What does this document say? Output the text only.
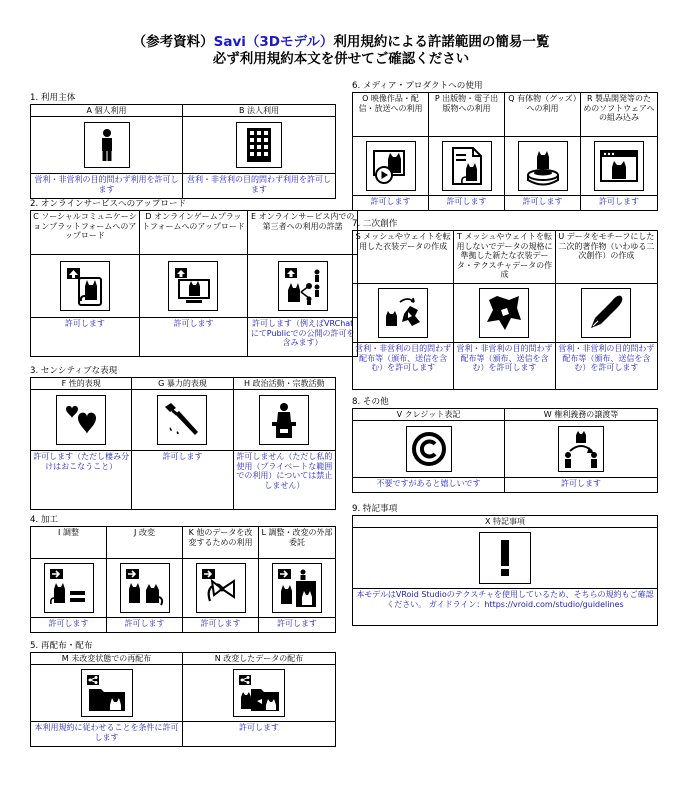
（参考資料）Savi（3Dモデル）利用規約による許諾範囲の簡易一覧
必ず利用規約本文を併せてご確認ください
1. 利用主体
A 個人利用
営利・非営利の目的問わず利用を許可します
B 法人利用
営利・非営利の目的問わず利用を許可します
2. オンラインサービスへのアップロード
C ソーシャルコミュニケーションプラットフォームへのアップロード
許可します
D オンラインゲームプラットフォームへのアップロード
許可します
E オンラインサービス内での第三者への利用の許諾
許可します（例えばVRChatにてPublicでの公開の許可を含みます）
3. センシティブな表現
F 性的表現
許可します（ただし棲み分けはおこなうこと）
G 暴力的表現
許可します
H 政治活動・宗教活動
許可しません（ただし私的使用（プライベートな範囲での利用）については禁止しません）
4. 加工
I 調整
許可します
J 改変
許可します
K 他のデータを改変するための利用
許可します
L 調整・改変の外部委託
許可します
5. 再配布・配布
M 未改変状態での再配布
本利用規約に従わせることを条件に許可します
N 改変したデータの配布
許可します
6. メディア・プロダクトへの使用
O 映像作品・配信・放送への利用
許可します
P 出版物・電子出版物への利用
許可します
Q 有体物（グッズ）への利用
許可します
R 製品開発等のためのソフトウェアへの組み込み
許可します
7. 二次創作
S メッシュやウェイトを転用した衣装データの作成
営利・非営利の目的問わず配布等（頒布、送信を含む）を許可します
T メッシュやウェイトを転用しないでデータの規格に準拠した新たな衣装データ・テクスチャデータの作成
営利・非営利の目的問わず配布等（頒布、送信を含む）を許可します
U データをモチーフにした二次的著作物（いわゆる二次創作）の作成
営利・非営利の目的問わず配布等（頒布、送信を含む）を許可します
8. その他
V クレジット表記
不要ですがあると嬉しいです
W 権利義務の譲渡等
許可します
9. 特記事項
X 特記事項
本モデルはVRoid Studioのテクスチャを使用しているため、そちらの規約もご確認ください。 ガイドライン：https://vroid.com/studio/guidelines
